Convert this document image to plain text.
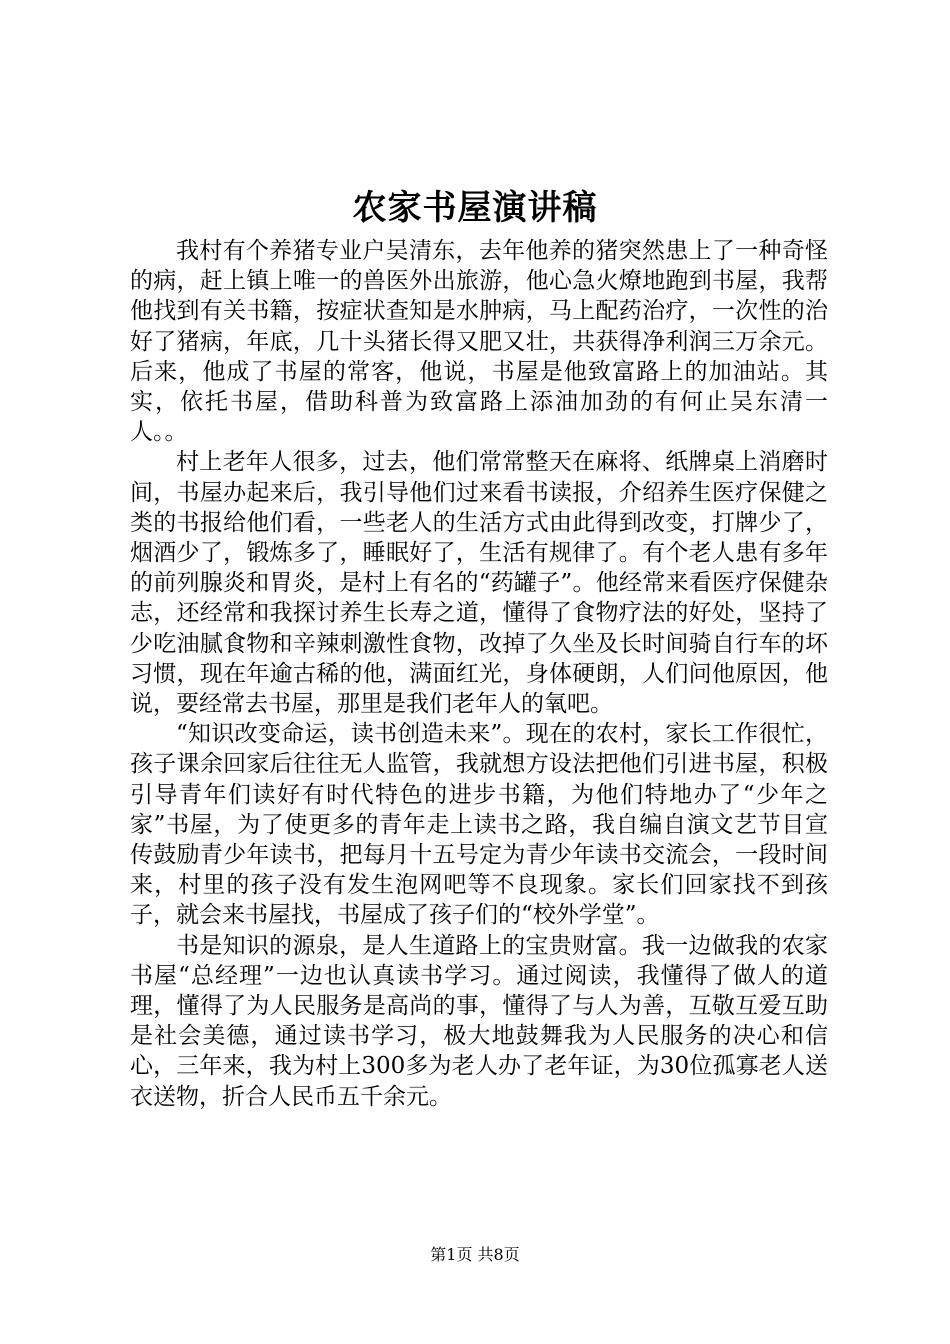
农家书屋演讲稿

我村有个养猪专业户吴清东，去年他养的猪突然患上了一种奇怪的病，赶上镇上唯一的兽医外出旅游，他心急火燎地跑到书屋，我帮他找到有关书籍，按症状查知是水肿病，马上配药治疗，一次性的治好了猪病，年底，几十头猪长得又肥又壮，共获得净利润三万余元。后来，他成了书屋的常客，他说，书屋是他致富路上的加油站。其实，依托书屋，借助科普为致富路上添油加劲的有何止吴东清一人。。

村上老年人很多，过去，他们常常整天在麻将、纸牌桌上消磨时间，书屋办起来后，我引导他们过来看书读报，介绍养生医疗保健之类的书报给他们看，一些老人的生活方式由此得到改变，打牌少了，烟酒少了，锻炼多了，睡眠好了，生活有规律了。有个老人患有多年的前列腺炎和胃炎，是村上有名的“药罐子”。他经常来看医疗保健杂志，还经常和我探讨养生长寿之道，懂得了食物疗法的好处，坚持了少吃油腻食物和辛辣刺激性食物，改掉了久坐及长时间骑自行车的坏习惯，现在年逾古稀的他，满面红光，身体硬朗，人们问他原因，他说，要经常去书屋，那里是我们老年人的氧吧。

“知识改变命运，读书创造未来”。现在的农村，家长工作很忙，孩子课余回家后往往无人监管，我就想方设法把他们引进书屋，积极引导青年们读好有时代特色的进步书籍，为他们特地办了“少年之家”书屋，为了使更多的青年走上读书之路，我自编自演文艺节目宣传鼓励青少年读书，把每月十五号定为青少年读书交流会，一段时间来，村里的孩子没有发生泡网吧等不良现象。家长们回家找不到孩子，就会来书屋找，书屋成了孩子们的“校外学堂”。

书是知识的源泉，是人生道路上的宝贵财富。我一边做我的农家书屋“总经理”一边也认真读书学习。通过阅读，我懂得了做人的道理，懂得了为人民服务是高尚的事，懂得了与人为善，互敬互爱互助是社会美德，通过读书学习，极大地鼓舞我为人民服务的决心和信心，三年来，我为村上300多为老人办了老年证，为30位孤寡老人送衣送物，折合人民币五千余元。

第1页 共8页
